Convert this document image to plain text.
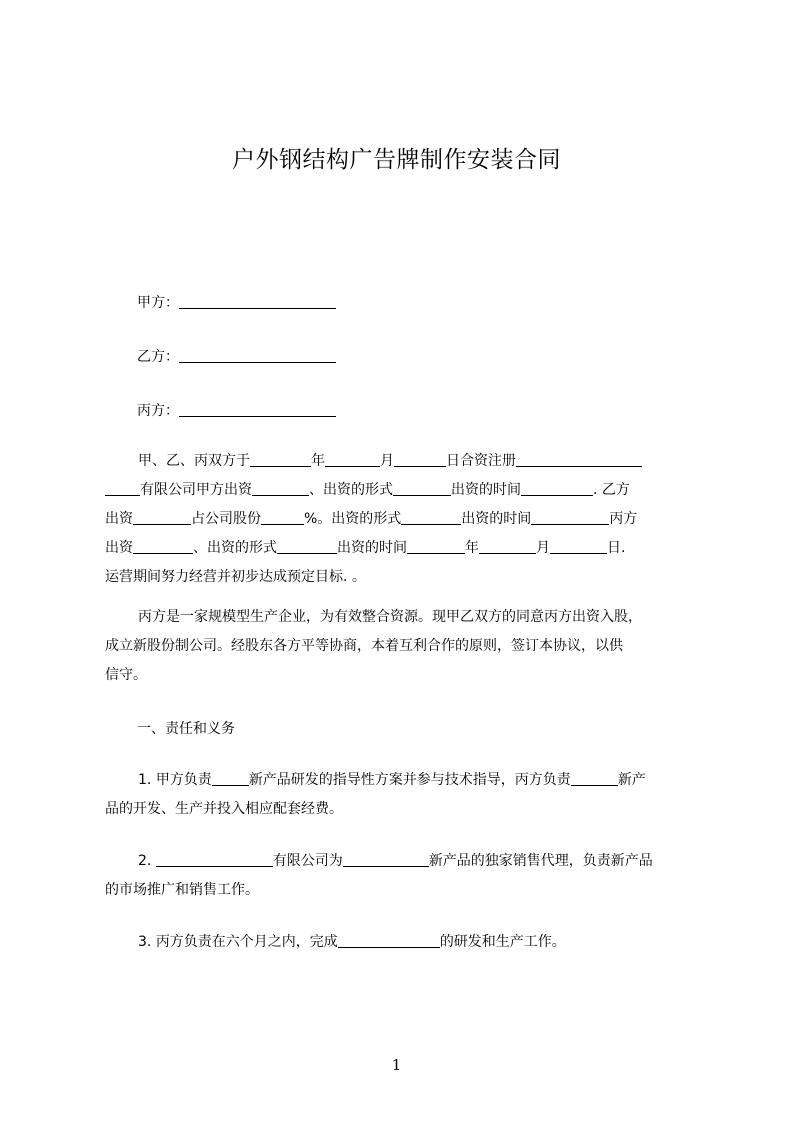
户外钢结构广告牌制作安装合同
甲方：
乙方：
丙方：
甲、乙、丙双方于	年	月	日合资注册
有限公司甲方出资	、出资的形式	出资的时间	. 乙方
出资	占公司股份	%。出资的形式	出资的时间	丙方
出资	、出资的形式	出资的时间	年	月	日.
运营期间努力经营并初步达成预定目标. 。
丙方是一家规模型生产企业，为有效整合资源。现甲乙双方的同意丙方出资入股，
成立新股份制公司。经股东各方平等协商，本着互利合作的原则，签订本协议，以供
信守。
一、责任和义务
1. 甲方负责	新产品研发的指导性方案并参与技术指导，丙方负责	新产
品的开发、生产并投入相应配套经费。
2.	有限公司为	新产品的独家销售代理，负责新产品
的市场推广和销售工作。
3. 丙方负责在六个月之内，完成	的研发和生产工作。
1
